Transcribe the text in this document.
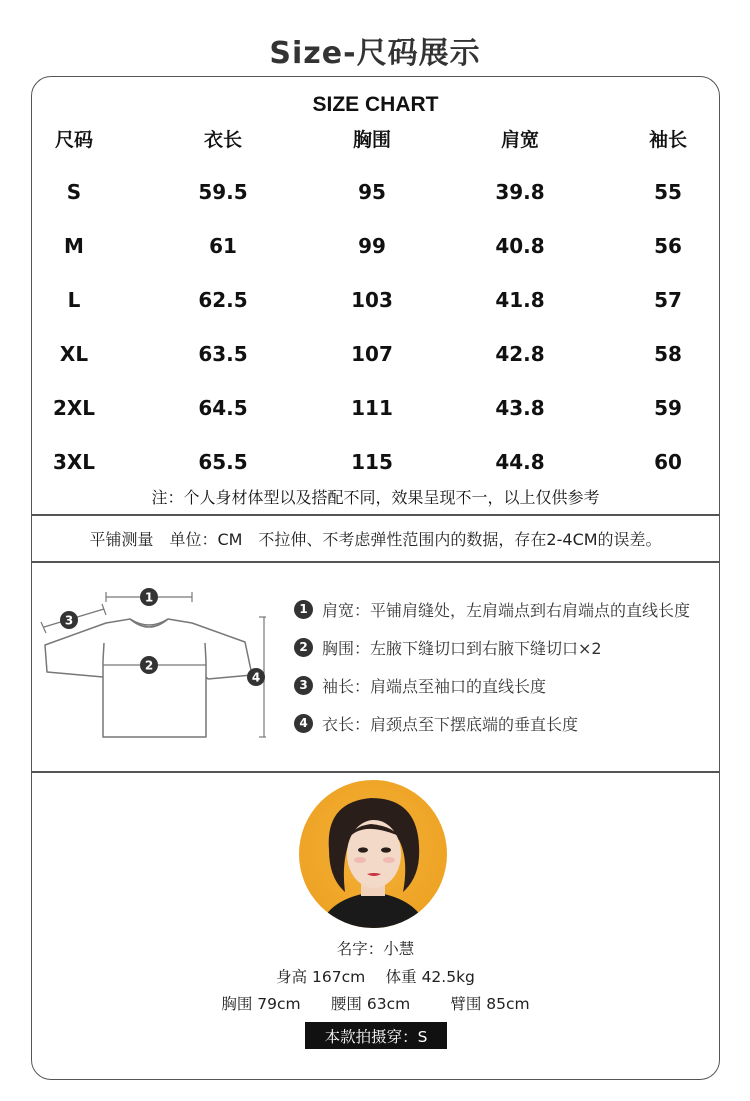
Size-尺码展示
SIZE CHART
尺码	衣长	胸围	肩宽	袖长
S	59.5	95	39.8	55
M	61	99	40.8	56
L	62.5	103	41.8	57
XL	63.5	107	42.8	58
2XL	64.5	111	43.8	59
3XL	65.5	115	44.8	60
注：个人身材体型以及搭配不同，效果呈现不一，以上仅供参考
平铺测量　单位：CM　不拉伸、不考虑弹性范围内的数据，存在2-4CM的误差。
1
2
3
4
1 肩宽：平铺肩缝处，左肩端点到右肩端点的直线长度
2 胸围：左腋下缝切口到右腋下缝切口×2
3 袖长：肩端点至袖口的直线长度
4 衣长：肩颈点至下摆底端的垂直长度
名字：小慧
身高 167cm　 体重 42.5kg
胸围 79cm　   腰围 63cm　     臂围 85cm
本款拍摄穿：S
